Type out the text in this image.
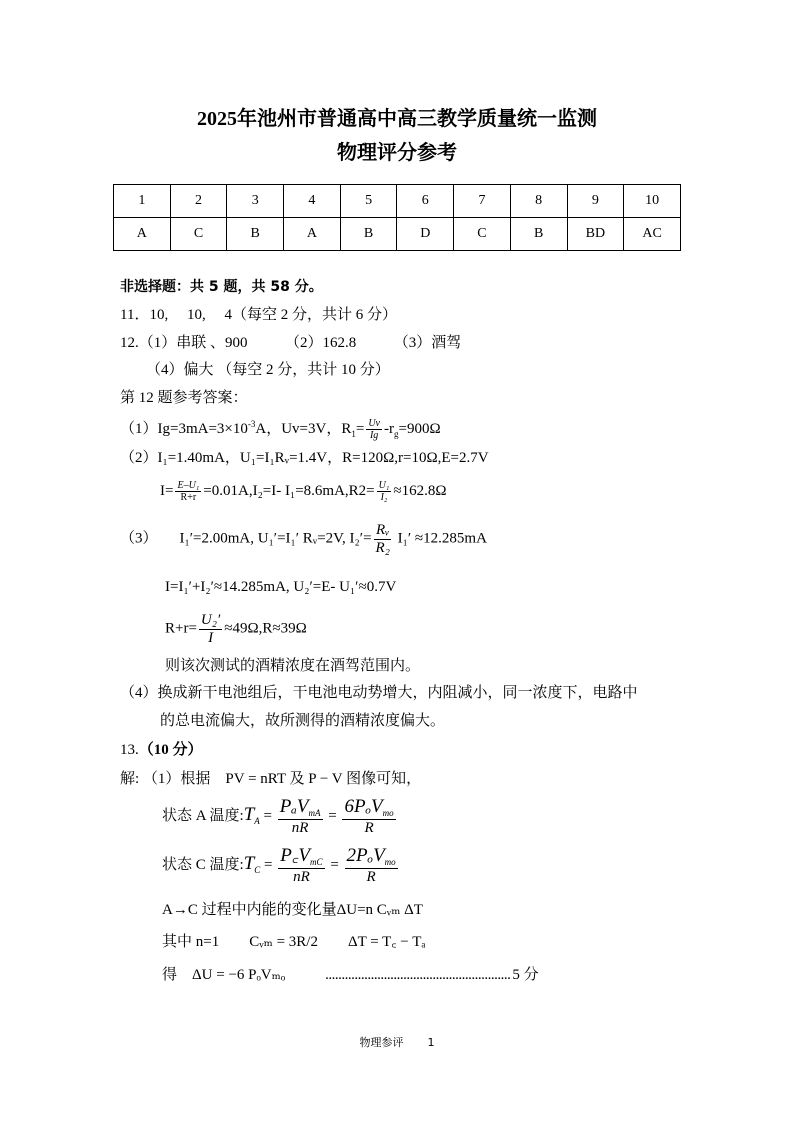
2025年池州市普通高中高三教学质量统一监测
物理评分参考
1	2	3	4	5	6	7	8	9	10
A	C	B	A	B	D	C	B	BD	AC
非选择题：共 5 题，共 58 分。
11．10,　 10,　 4（每空 2 分，共计 6 分）
12.（1）串联 、900　　　（2）162.8　　　（3）酒驾
（4）偏大 （每空 2 分，共计 10 分）
第 12 题参考答案：
$(1)Ig=3mA=3\times 10^{-3}A$，Uv=3V，$R_1= \frac{Uv}{Ig} -r_g=900\Omega$
（2）I₁=1.40mA，U₁=I₁Rᵥ=1.4V，R=120Ω,r=10Ω,E=2.7V
$I= \frac{\text{E–U₁}}{R+r} =0.01A,I_2=I-$ $I_1=8.6mA,R2= \frac{\text{U₁}}{\text{I₂}} \approx 162.8\Omega$
（3） I₁′=2.00mA, U₁′=I₁′ Rᵥ=2V, $I_2'= \frac{\text{Rᵥ}}{\text{R₂}} I_1' \approx 12.285mA$
I=I₁′+I₂′≈14.285mA, U₂′=E- U₁′≈0.7V
$R+r= \frac{\text{U₂′}}{I} \approx 49\Omega,R\approx 39\Omega$
则该次测试的酒精浓度在酒驾范围内。
（4）换成新干电池组后，干电池电动势增大，内阻减小，同一浓度下，电路中
的总电流偏大，故所测得的酒精浓度偏大。
13.（10 分）
解: （1）根据　PV = nRT 及 P − V 图像可知，
状态 A 温度$:T_A = \frac{P_aV_{mA}}{nR} = \frac{6P_oV_{mo}}{R}$
状态 C 温度$:T_C = \frac{P꜀V_{mC}}{nR} = \frac{2P_oV_{mo}}{R}$
A→C 过程中内能的变化量ΔU=n Cᵥₘ ΔT
其中 n=1　　Cᵥₘ = 3R/2　　ΔT = T꜀ − Tₐ
得　ΔU = −6 PₒVₘₒ	......................................................... 5 分
物理参评 1
